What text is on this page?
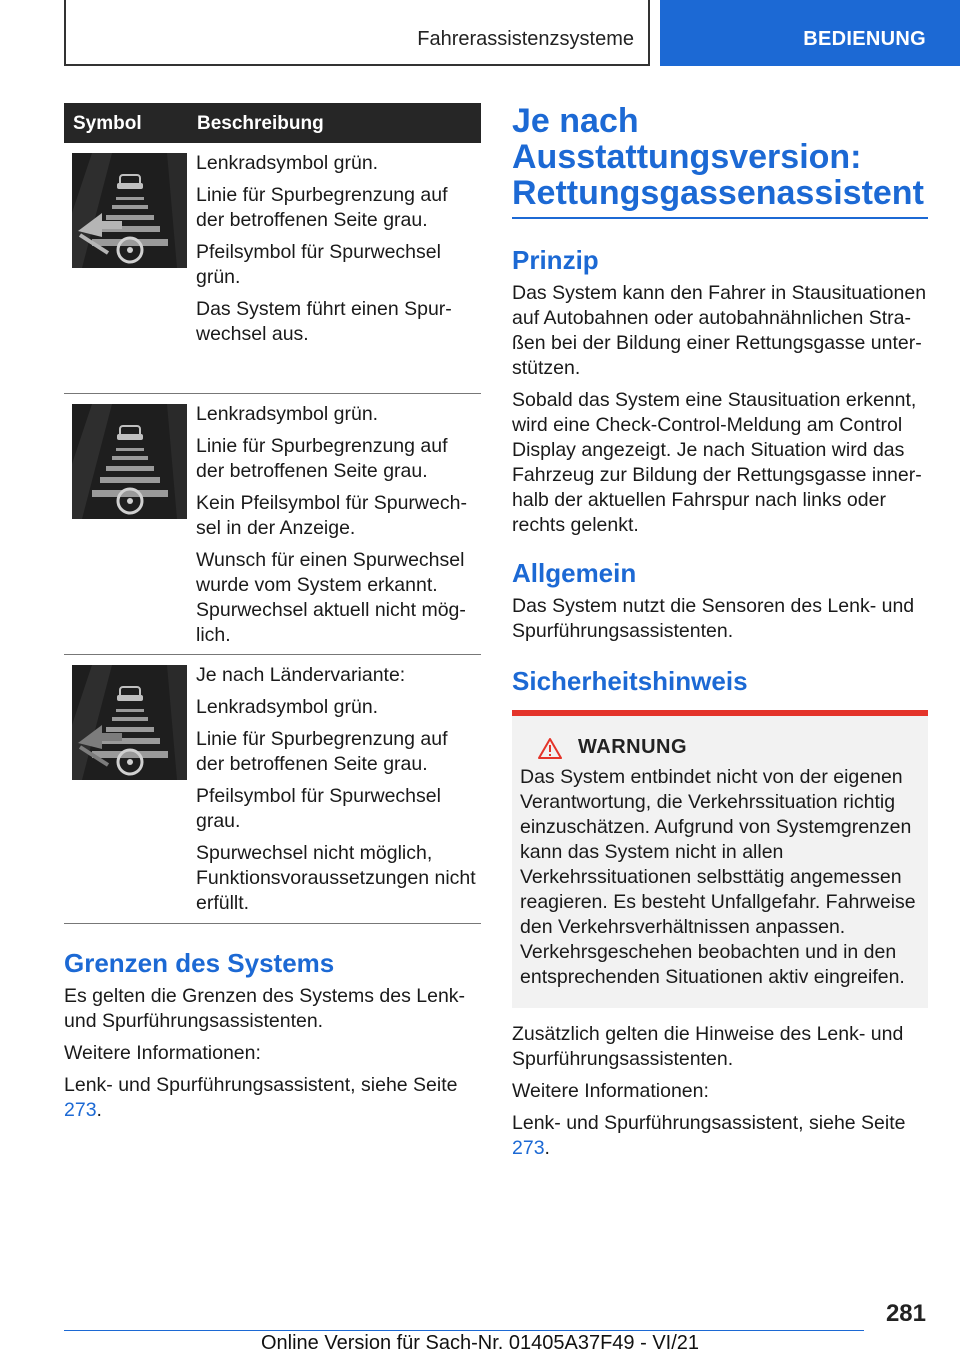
Fahrerassistenzsysteme	BEDIENUNG
Symbol	Beschreibung

Lenkradsymbol grün.

Linie für Spurbegrenzung auf der betroffenen Seite grau.

Pfeilsymbol für Spurwechsel grün.

Das System führt einen Spurwechsel aus.

Lenkradsymbol grün.

Linie für Spurbegrenzung auf der betroffenen Seite grau.

Kein Pfeilsymbol für Spurwechsel in der Anzeige.

Wunsch für einen Spurwechsel wurde vom System erkannt. Spurwechsel aktuell nicht möglich.

Je nach Ländervariante:

Lenkradsymbol grün.

Linie für Spurbegrenzung auf der betroffenen Seite grau.

Pfeilsymbol für Spurwechsel grau.

Spurwechsel nicht möglich, Funktionsvoraussetzungen nicht erfüllt.

Grenzen des Systems

Es gelten die Grenzen des Systems des Lenk- und Spurführungsassistenten.

Weitere Informationen:

Lenk- und Spurführungsassistent, siehe Seite 273.

Je nach Ausstattungsversion: Rettungsgassenassistent
Prinzip

Das System kann den Fahrer in Stausituationen auf Autobahnen oder autobahnähnlichen Straßen bei der Bildung einer Rettungsgasse unterstützen.

Sobald das System eine Stausituation erkennt, wird eine Check-Control-Meldung am Control Display angezeigt. Je nach Situation wird das Fahrzeug zur Bildung der Rettungsgasse innerhalb der aktuellen Fahrspur nach links oder rechts gelenkt.

Allgemein

Das System nutzt die Sensoren des Lenk- und Spurführungsassistenten.

Sicherheitshinweis
WARNUNG

Das System entbindet nicht von der eigenen Verantwortung, die Verkehrssituation richtig einzuschätzen. Aufgrund von Systemgrenzen kann das System nicht in allen Verkehrssituationen selbsttätig angemessen reagieren. Es besteht Unfallgefahr. Fahrweise den Verkehrsverhältnissen anpassen. Verkehrsgeschehen beobachten und in den entsprechenden Situationen aktiv eingreifen.

Zusätzlich gelten die Hinweise des Lenk- und Spurführungsassistenten.

Weitere Informationen:

Lenk- und Spurführungsassistent, siehe Seite 273.

281
Online Version für Sach-Nr. 01405A37F49 - VI/21
